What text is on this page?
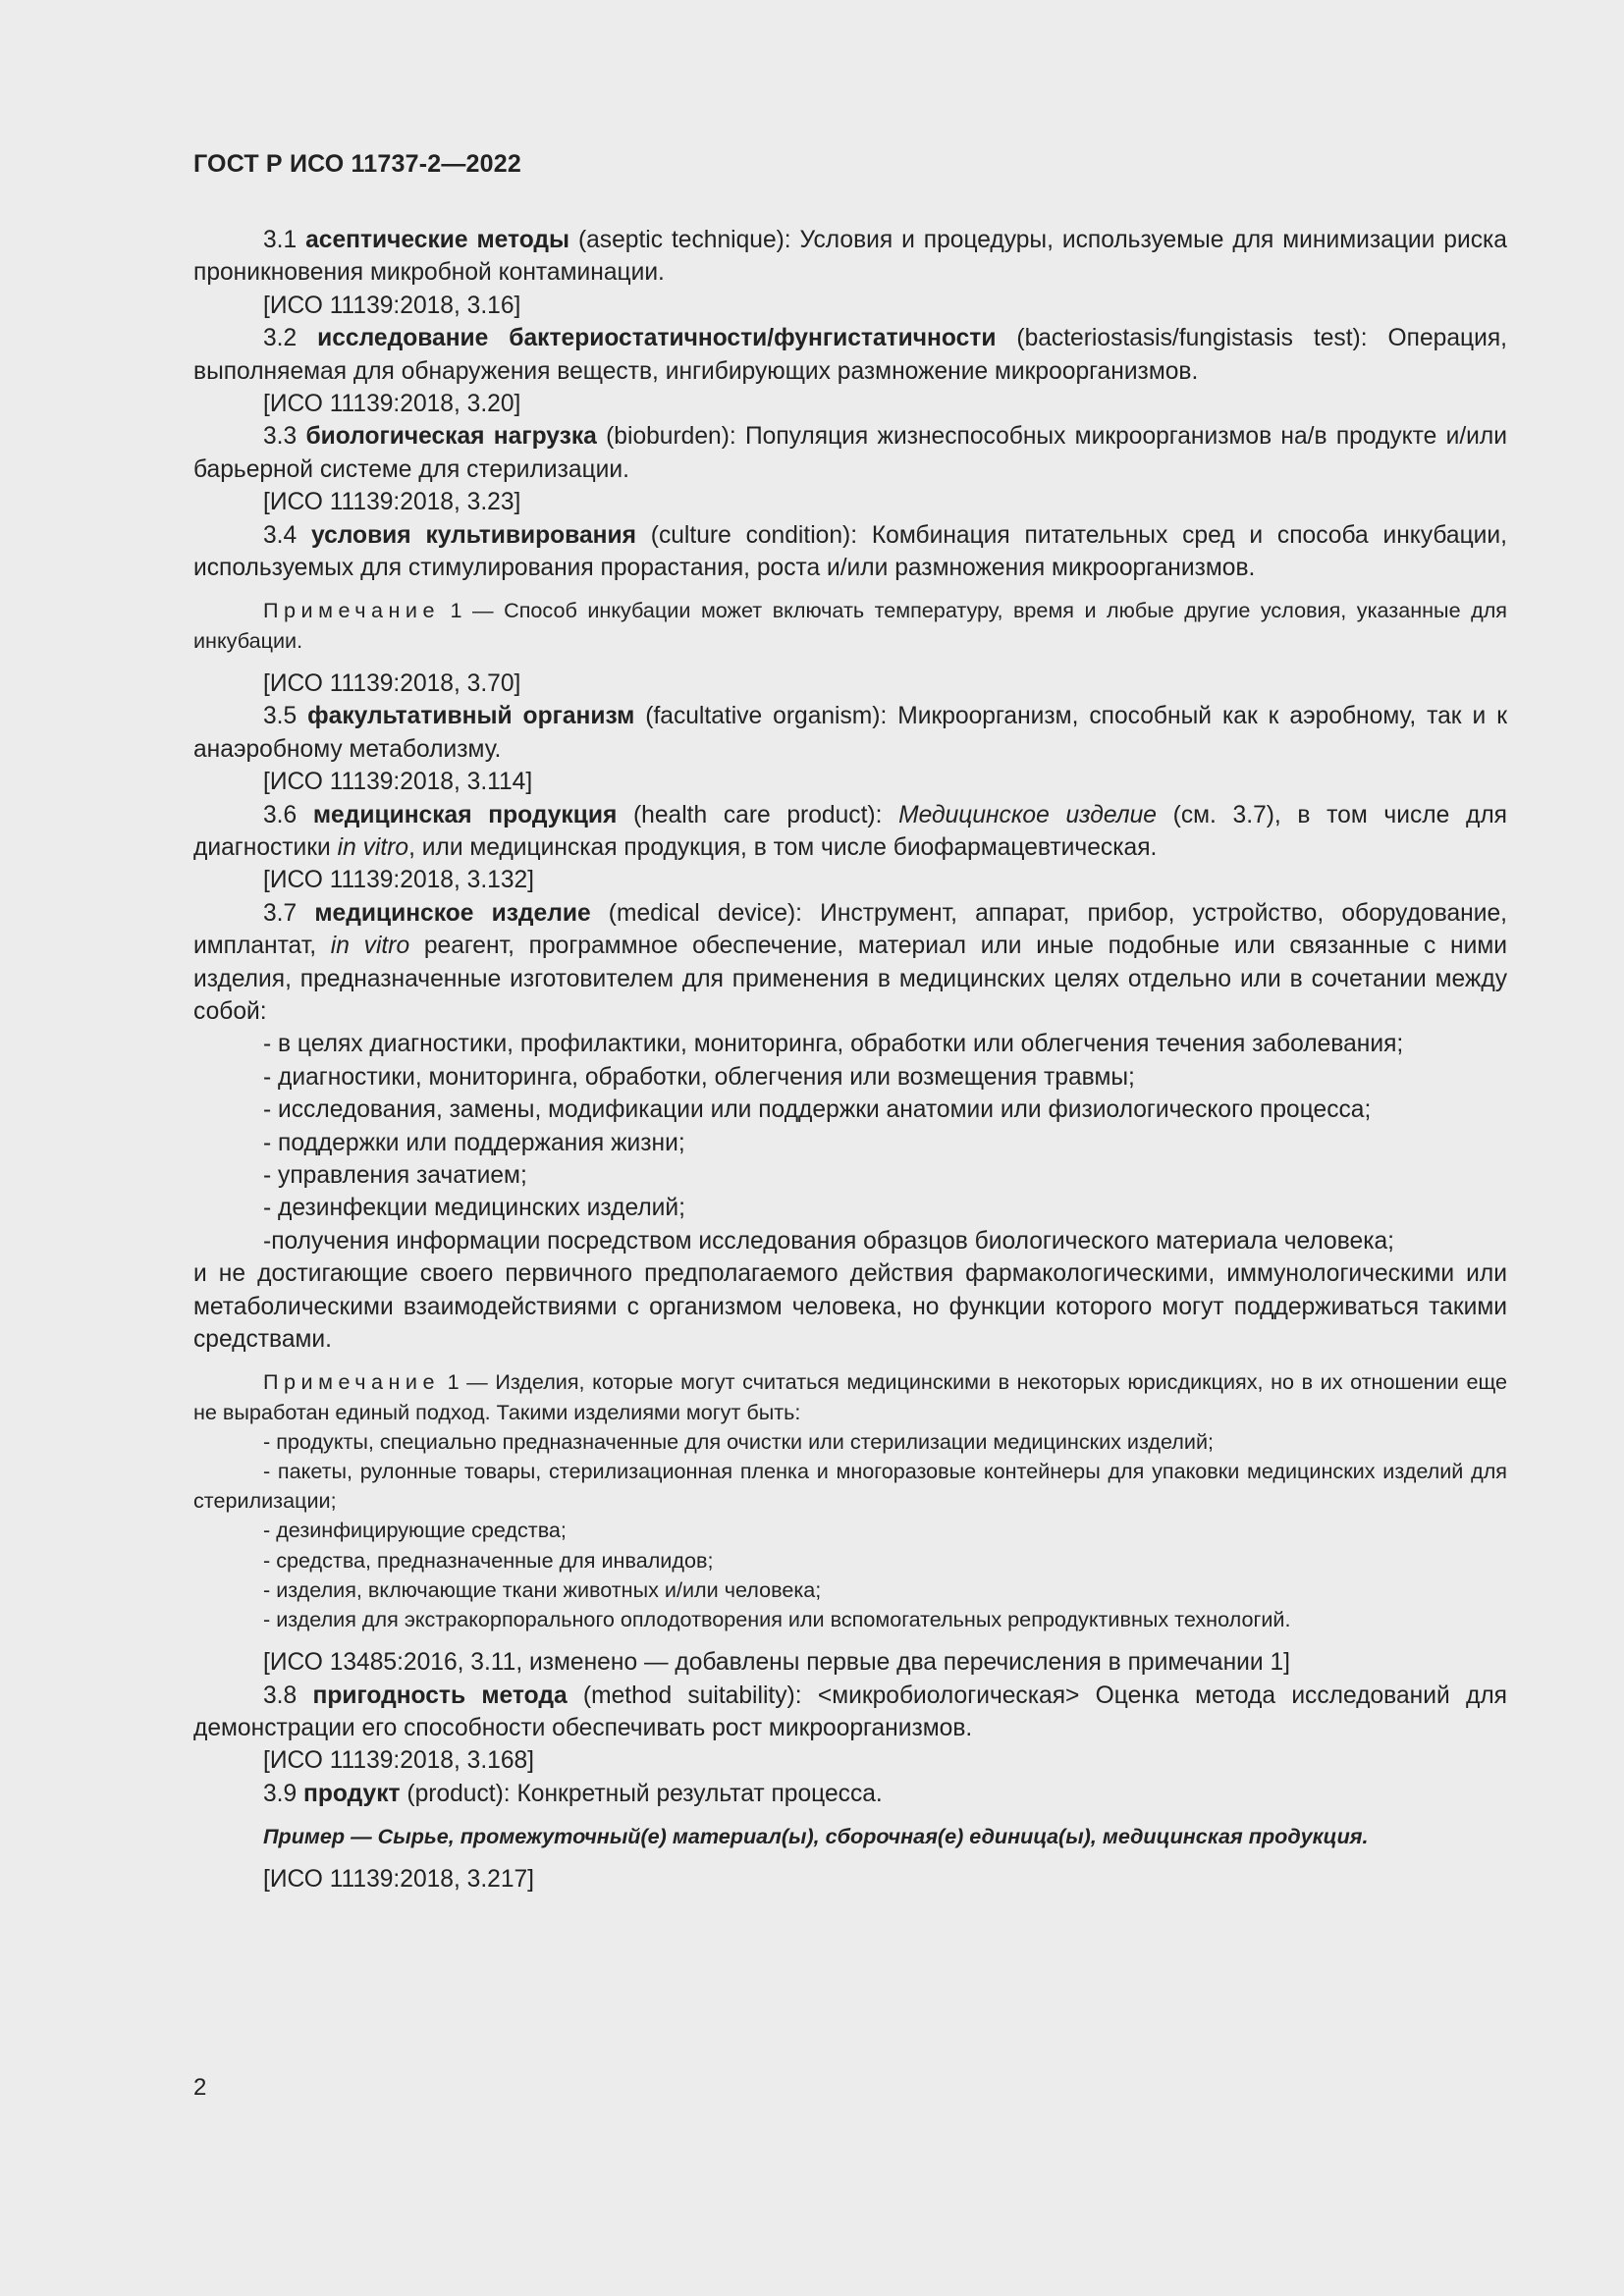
ГОСТ Р ИСО 11737-2—2022

3.1 асептические методы (aseptic technique): Условия и процедуры, используемые для минимизации риска проникновения микробной контаминации.

[ИСО 11139:2018, 3.16]

3.2 исследование бактериостатичности/фунгистатичности (bacteriostasis/fungistasis test): Операция, выполняемая для обнаружения веществ, ингибирующих размножение микроорганизмов.

[ИСО 11139:2018, 3.20]

3.3 биологическая нагрузка (bioburden): Популяция жизнеспособных микроорганизмов на/в продукте и/или барьерной системе для стерилизации.

[ИСО 11139:2018, 3.23]

3.4 условия культивирования (culture condition): Комбинация питательных сред и способа инкубации, используемых для стимулирования прорастания, роста и/или размножения микроорганизмов.

Примечание 1 — Способ инкубации может включать температуру, время и любые другие условия, указанные для инкубации.

[ИСО 11139:2018, 3.70]

3.5 факультативный организм (facultative organism): Микроорганизм, способный как к аэробному, так и к анаэробному метаболизму.

[ИСО 11139:2018, 3.114]

3.6 медицинская продукция (health care product): Медицинское изделие (см. 3.7), в том числе для диагностики in vitro, или медицинская продукция, в том числе биофармацевтическая.

[ИСО 11139:2018, 3.132]

3.7 медицинское изделие (medical device): Инструмент, аппарат, прибор, устройство, оборудование, имплантат, in vitro реагент, программное обеспечение, материал или иные подобные или связанные с ними изделия, предназначенные изготовителем для применения в медицинских целях отдельно или в сочетании между собой:

- в целях диагностики, профилактики, мониторинга, обработки или облегчения течения заболевания;

- диагностики, мониторинга, обработки, облегчения или возмещения травмы;

- исследования, замены, модификации или поддержки анатомии или физиологического процесса;

- поддержки или поддержания жизни;

- управления зачатием;

- дезинфекции медицинских изделий;

-получения информации посредством исследования образцов биологического материала человека;

и не достигающие своего первичного предполагаемого действия фармакологическими, иммунологическими или метаболическими взаимодействиями с организмом человека, но функции которого могут поддерживаться такими средствами.

Примечание 1 — Изделия, которые могут считаться медицинскими в некоторых юрисдикциях, но в их отношении еще не выработан единый подход. Такими изделиями могут быть:

- продукты, специально предназначенные для очистки или стерилизации медицинских изделий;

- пакеты, рулонные товары, стерилизационная пленка и многоразовые контейнеры для упаковки медицинских изделий для стерилизации;

- дезинфицирующие средства;

- средства, предназначенные для инвалидов;

- изделия, включающие ткани животных и/или человека;

- изделия для экстракорпорального оплодотворения или вспомогательных репродуктивных технологий.

[ИСО 13485:2016, 3.11, изменено — добавлены первые два перечисления в примечании 1]

3.8 пригодность метода (method suitability): <микробиологическая> Оценка метода исследований для демонстрации его способности обеспечивать рост микроорганизмов.

[ИСО 11139:2018, 3.168]

3.9 продукт (product): Конкретный результат процесса.

Пример — Сырье, промежуточный(е) материал(ы), сборочная(е) единица(ы), медицинская продукция.

[ИСО 11139:2018, 3.217]

2
